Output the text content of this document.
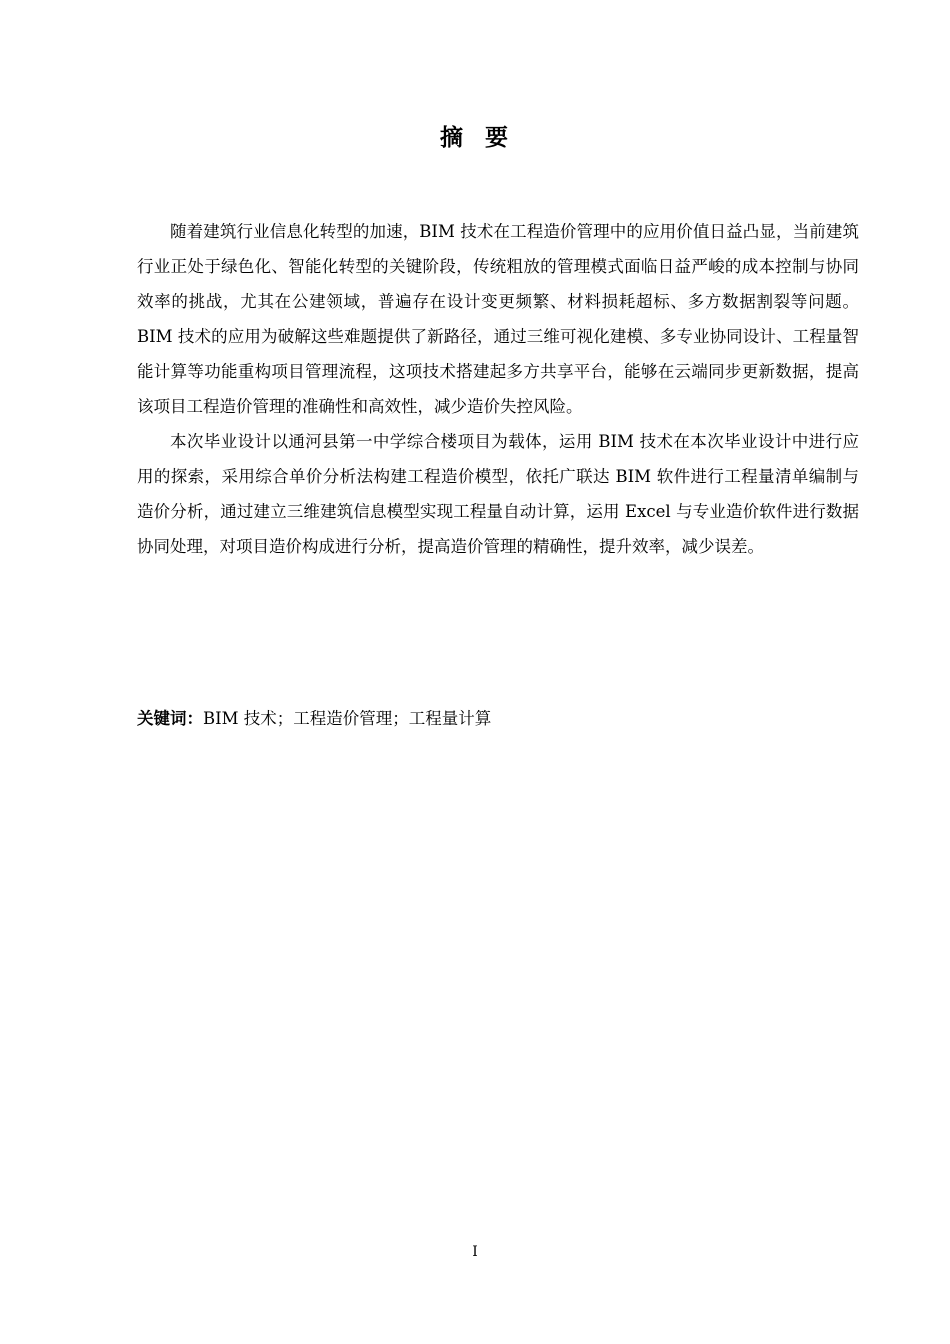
摘 要

随着建筑行业信息化转型的加速，BIM 技术在工程造价管理中的应用价值日益凸显，当前建筑行业正处于绿色化、智能化转型的关键阶段，传统粗放的管理模式面临日益严峻的成本控制与协同效率的挑战，尤其在公建领域，普遍存在设计变更频繁、材料损耗超标、多方数据割裂等问题。BIM 技术的应用为破解这些难题提供了新路径，通过三维可视化建模、多专业协同设计、工程量智能计算等功能重构项目管理流程，这项技术搭建起多方共享平台，能够在云端同步更新数据，提高该项目工程造价管理的准确性和高效性，减少造价失控风险。

本次毕业设计以通河县第一中学综合楼项目为载体，运用 BIM 技术在本次毕业设计中进行应用的探索，采用综合单价分析法构建工程造价模型，依托广联达 BIM 软件进行工程量清单编制与造价分析，通过建立三维建筑信息模型实现工程量自动计算，运用 Excel 与专业造价软件进行数据协同处理，对项目造价构成进行分析，提高造价管理的精确性，提升效率，减少误差。

关键词：BIM 技术；工程造价管理；工程量计算
I
